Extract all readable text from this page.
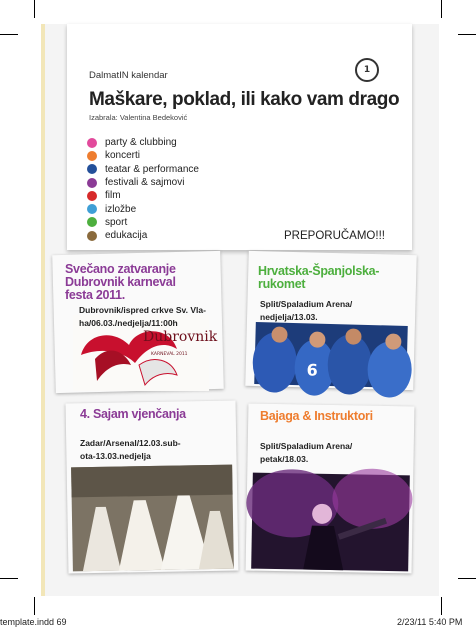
DalmatIN kalendar
Maškare, poklad, ili kako vam drago
Izabrala: Valentina Bedeković
1
party & clubbing
koncerti
teatar & performance
festivali & sajmovi
film
izložbe
sport
edukacija	PREPORUČAMO!!!
Dubrovnik
KARNEVAL 2011
Svečano zatvaranje
Dubrovnik karneval
festa 2011.
Dubrovnik/ispred crkve Sv. Vla-
ha/06.03./nedjelja/11:00h
6
Hrvatska-Španjolska-
rukomet
Split/Spaladium Arena/
nedjelja/13.03.
4. Sajam vjenčanja
Zadar/Arsenal/12.03.sub-
ota-13.03.nedjelja
Bajaga & Instruktori
Split/Spaladium Arena/
petak/18.03.
template.indd 69	2/23/11 5:40 PM
